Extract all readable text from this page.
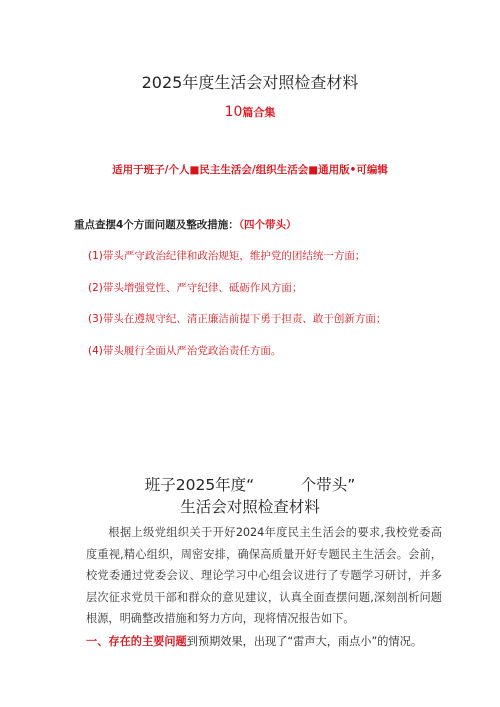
2025年度生活会对照检查材料
10篇合集
适用于班子/个人■民主生活会/组织生活会■通用版•可编辑
重点查摆4个方面问题及整改措施：（四个带头）
(1)带头严守政治纪律和政治规矩，维护党的团结统一方面；
(2)带头增强党性、严守纪律、砥砺作风方面；
(3)带头在遵规守纪、清正廉洁前提下勇于担责、敢于创新方面；
(4)带头履行全面从严治党政治责任方面。
班子2025年度“　　　个带头”
生活会对照检查材料
根据上级党组织关于开好2024年度民主生活会的要求,我校党委高度重视,精心组织，周密安排，确保高质量开好专题民主生活会。会前，校党委通过党委会议、理论学习中心组会议进行了专题学习研讨，并多层次征求党员干部和群众的意见建议，认真全面查摆问题,深刻剖析问题根源，明确整改措施和努力方向，现将情况报告如下。
一、存在的主要问题到预期效果，出现了“雷声大，雨点小”的情况。
